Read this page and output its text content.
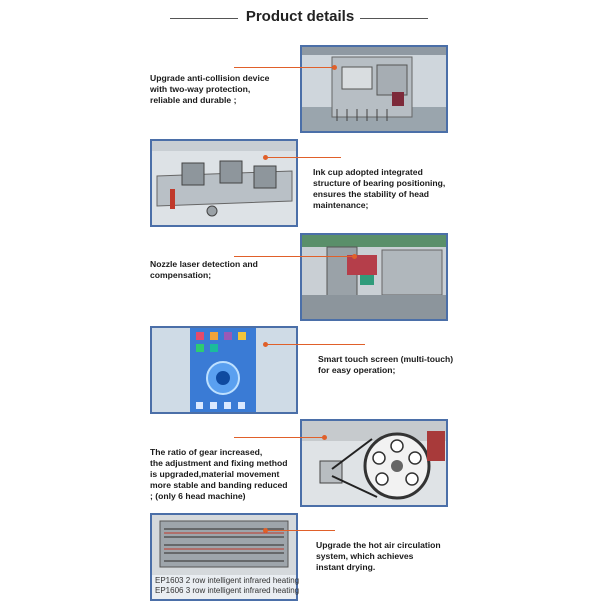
Product details
Upgrade anti-collision device
with two-way protection,
reliable and durable ;
Ink cup adopted integrated
structure of bearing positioning,
ensures the stability of head
maintenance;
Nozzle laser detection and
compensation;
Smart touch screen (multi-touch)
for easy operation;
The ratio of gear increased,
the adjustment and fixing method
is upgraded,material movement
more stable and banding reduced
; (only 6 head machine)
EP1603 2 row intelligent infrared heating
EP1606 3 row intelligent infrared heating
Upgrade the hot air circulation
system, which achieves
instant drying.
